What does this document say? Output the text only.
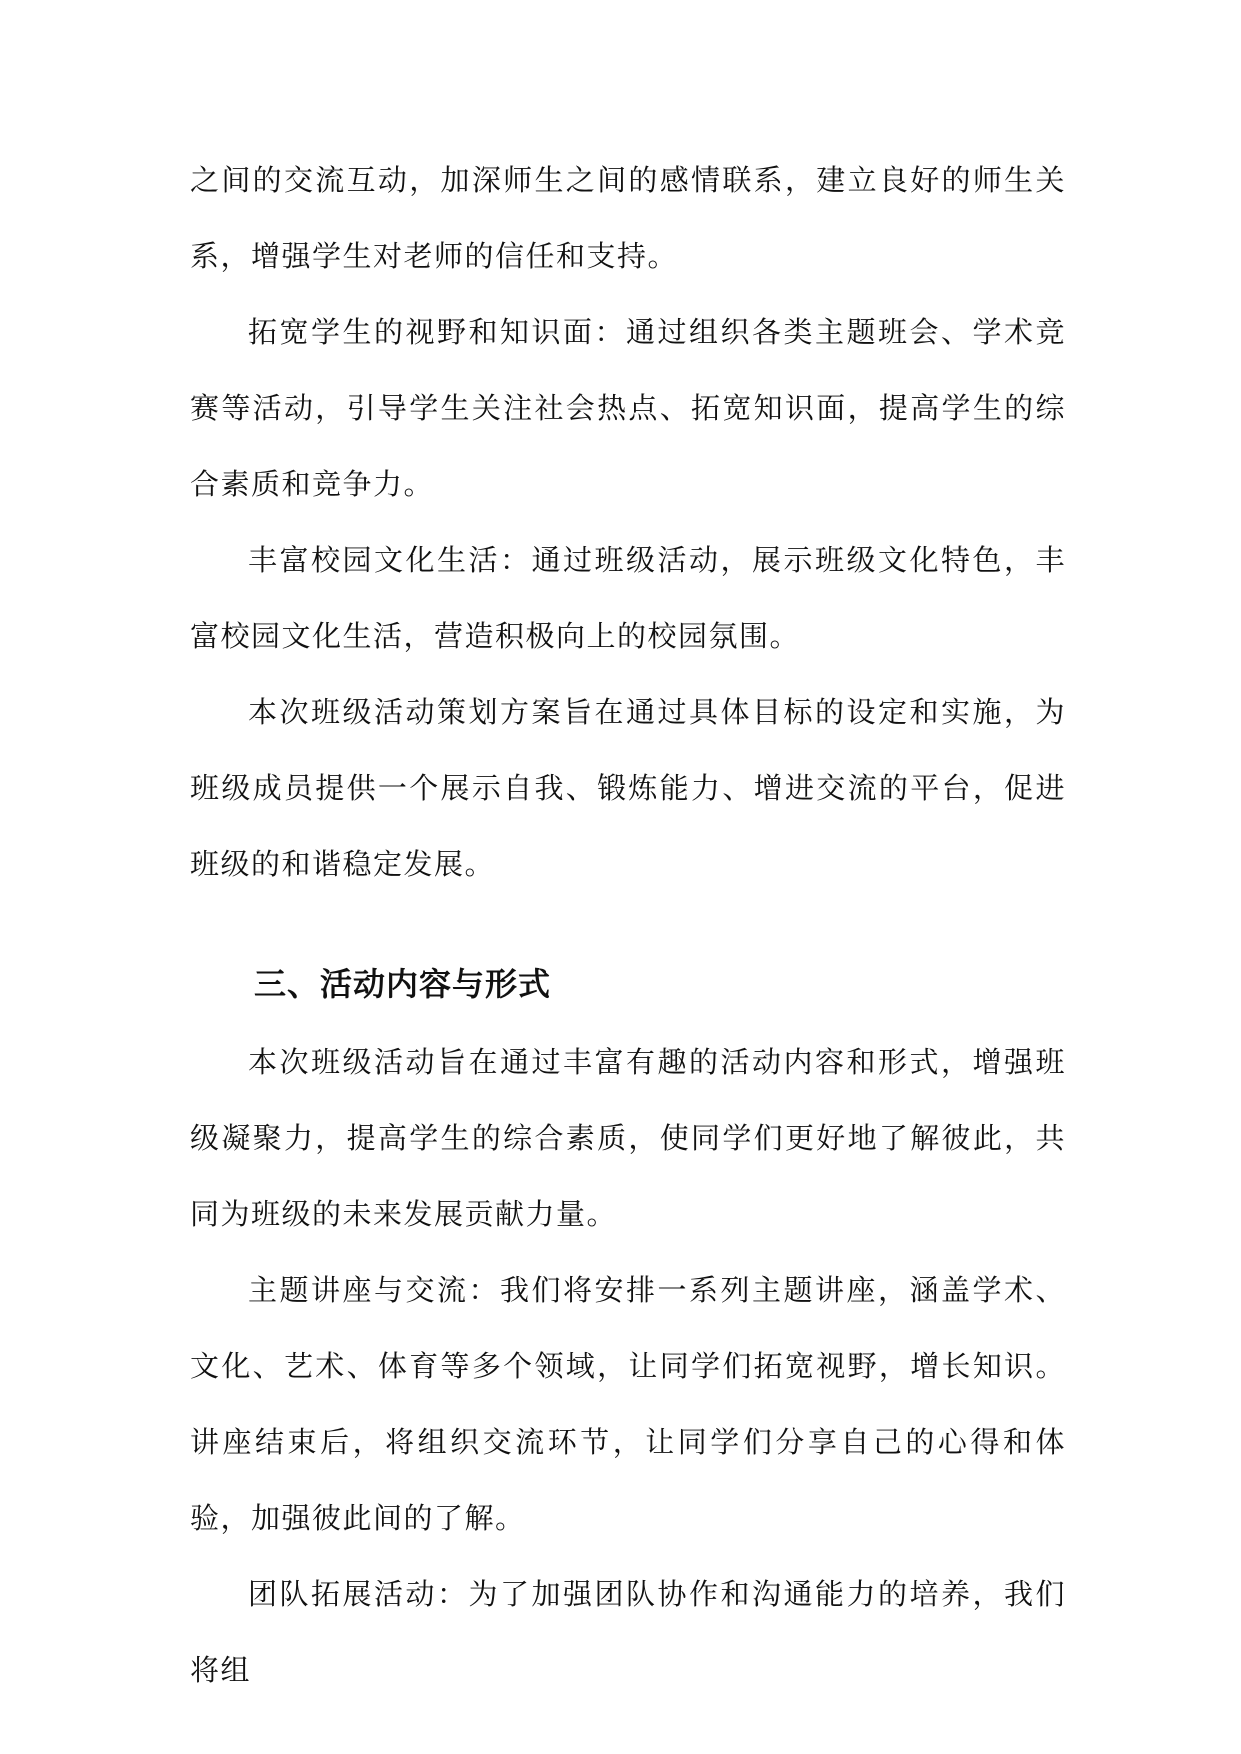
之间的交流互动，加深师生之间的感情联系，建立良好的师生关系，增强学生对老师的信任和支持。

拓宽学生的视野和知识面：通过组织各类主题班会、学术竞赛等活动，引导学生关注社会热点、拓宽知识面，提高学生的综合素质和竞争力。

丰富校园文化生活：通过班级活动，展示班级文化特色，丰富校园文化生活，营造积极向上的校园氛围。

本次班级活动策划方案旨在通过具体目标的设定和实施，为班级成员提供一个展示自我、锻炼能力、增进交流的平台，促进班级的和谐稳定发展。

三、活动内容与形式

本次班级活动旨在通过丰富有趣的活动内容和形式，增强班级凝聚力，提高学生的综合素质，使同学们更好地了解彼此，共同为班级的未来发展贡献力量。

主题讲座与交流：我们将安排一系列主题讲座，涵盖学术、文化、艺术、体育等多个领域，让同学们拓宽视野，增长知识。讲座结束后，将组织交流环节，让同学们分享自己的心得和体验，加强彼此间的了解。

团队拓展活动：为了加强团队协作和沟通能力的培养，我们将组
